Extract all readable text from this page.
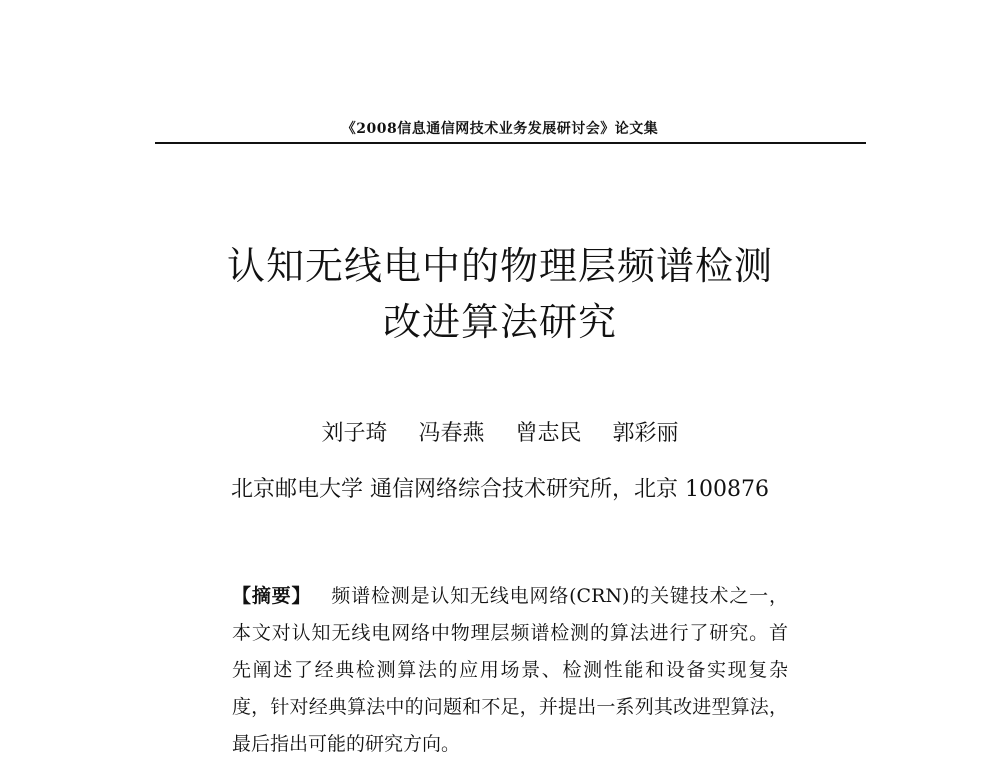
《2008信息通信网技术业务发展研讨会》论文集
认知无线电中的物理层频谱检测
改进算法研究
刘子琦 冯春燕 曾志民 郭彩丽
北京邮电大学 通信网络综合技术研究所，北京 100876
【摘要】 频谱检测是认知无线电网络(CRN)的关键技术之一，
本文对认知无线电网络中物理层频谱检测的算法进行了研究。首
先阐述了经典检测算法的应用场景、检测性能和设备实现复杂
度，针对经典算法中的问题和不足，并提出一系列其改进型算法，
最后指出可能的研究方向。
